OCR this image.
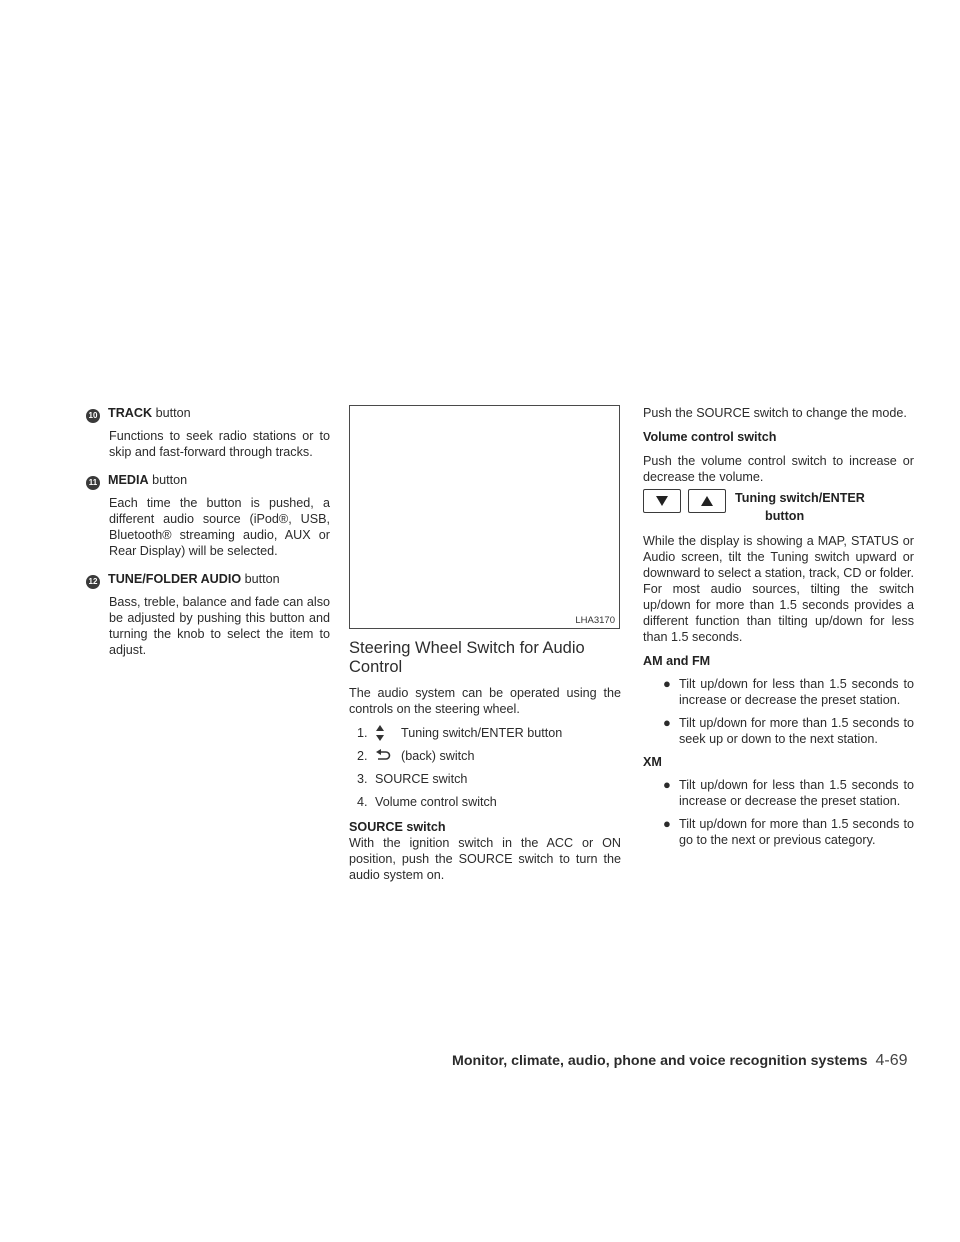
10 TRACK button

Functions to seek radio stations or to skip and fast-forward through tracks.

11 MEDIA button

Each time the button is pushed, a different audio source (iPod®, USB, Bluetooth® streaming audio, AUX or Rear Display) will be selected.

12 TUNE/FOLDER AUDIO button

Bass, treble, balance and fade can also be adjusted by pushing this button and turning the knob to select the item to adjust.

LHA3170
Steering Wheel Switch for Audio Control

The audio system can be operated using the controls on the steering wheel.

1.	Tuning switch/ENTER button
2.	(back) switch
3. SOURCE switch
4. Volume control switch

SOURCE switch

With the ignition switch in the ACC or ON position, push the SOURCE switch to turn the audio system on.

Push the SOURCE switch to change the mode.

Volume control switch

Push the volume control switch to increase or decrease the volume.

Tuning switch/ENTER
button

While the display is showing a MAP, STATUS or Audio screen, tilt the Tuning switch upward or downward to select a station, track, CD or folder. For most audio sources, tilting the switch up/down for more than 1.5 seconds provides a different function than tilting up/down for less than 1.5 seconds.

AM and FM

● Tilt up/down for less than 1.5 seconds to increase or decrease the preset station.
● Tilt up/down for more than 1.5 seconds to seek up or down to the next station.

XM

● Tilt up/down for less than 1.5 seconds to increase or decrease the preset station.
● Tilt up/down for more than 1.5 seconds to go to the next or previous category.
Monitor, climate, audio, phone and voice recognition systems 4-69
